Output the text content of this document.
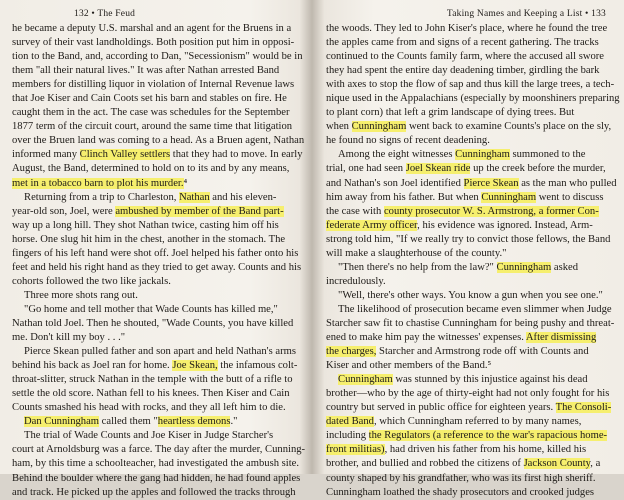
132 • The Feud
he became a deputy U.S. marshal and an agent for the Bruens in a
survey of their vast landholdings. Both position put him in opposi-
tion to the Band, and, according to Dan, "Secessionism" would be in
them "all their natural lives." It was after Nathan arrested Band
members for distilling liquor in violation of Internal Revenue laws
that Joe Kiser and Cain Coots set his barn and stables on fire. He
caught them in the act. The case was schedules for the September
1877 term of the circuit court, around the same time that litigation
over the Bruen land was coming to a head. As a Bruen agent, Nathan
informed many Clinch Valley settlers that they had to move. In early
August, the Band, determined to hold on to its and by any means,
met in a tobacco barn to plot his murder.⁴
Returning from a trip to Charleston, Nathan and his eleven-
year-old son, Joel, were ambushed by member of the Band part-
way up a long hill. They shot Nathan twice, casting him off his
horse. One slug hit him in the chest, another in the stomach. The
fingers of his left hand were shot off. Joel helped his father onto his
feet and held his right hand as they tried to get away. Counts and his
cohorts followed the two like jackals.
Three more shots rang out.
"Go home and tell mother that Wade Counts has killed me,"
Nathan told Joel. Then he shouted, "Wade Counts, you have killed
me. Don't kill my boy . . ."
Pierce Skean pulled father and son apart and held Nathan's arms
behind his back as Joel ran for home. Joe Skean, the infamous colt-
throat-slitter, struck Nathan in the temple with the butt of a rifle to
settle the old score. Nathan fell to his knees. Then Kiser and Cain
Counts smashed his head with rocks, and they all left him to die.
Dan Cunningham called them "heartless demons."
The trial of Wade Counts and Joe Kiser in Judge Starcher's
court at Arnoldsburg was a farce. The day after the murder, Cunning-
ham, by this time a schoolteacher, had investigated the ambush site.
Behind the boulder where the gang had hidden, he had found apples
and track. He picked up the apples and followed the tracks through
Taking Names and Keeping a List • 133
the woods. They led to John Kiser's place, where he found the tree
the apples came from and signs of a recent gathering. The tracks
continued to the Counts family farm, where the accused all swore
they had spent the entire day deadening timber, girdling the bark
with axes to stop the flow of sap and thus kill the large trees, a tech-
nique used in the Appalachians (especially by moonshiners preparing
to plant corn) that left a grim landscape of dying trees. But
when Cunningham went back to examine Counts's place on the sly,
he found no signs of recent deadening.
Among the eight witnesses Cunningham summoned to the
trial, one had seen Joel Skean ride up the creek before the murder,
and Nathan's son Joel identified Pierce Skean as the man who pulled
him away from his father. But when Cunningham went to discuss
the case with county prosecutor W. S. Armstrong, a former Con-
federate Army officer, his evidence was ignored. Instead, Arm-
strong told him, "If we really try to convict those fellows, the Band
will make a slaughterhouse of the county."
"Then there's no help from the law?" Cunningham asked
incredulously.
"Well, there's other ways. You know a gun when you see one."
The likelihood of prosecution became even slimmer when Judge
Starcher saw fit to chastise Cunningham for being pushy and threat-
ened to make him pay the witnesses' expenses. After dismissing
the charges, Starcher and Armstrong rode off with Counts and
Kiser and other members of the Band.⁵
Cunningham was stunned by this injustice against his dead
brother—who by the age of thirty-eight had not only fought for his
country but served in public office for eighteen years. The Consoli-
dated Band, which Cunningham referred to by many names,
including the Regulators (a reference to the war's rapacious home-
front militias), had driven his father from his home, killed his
brother, and bullied and robbed the citizens of Jackson County, a
county shaped by his grandfather, who was its first high sheriff.
Cunningham loathed the shady prosecutors and crooked judges
